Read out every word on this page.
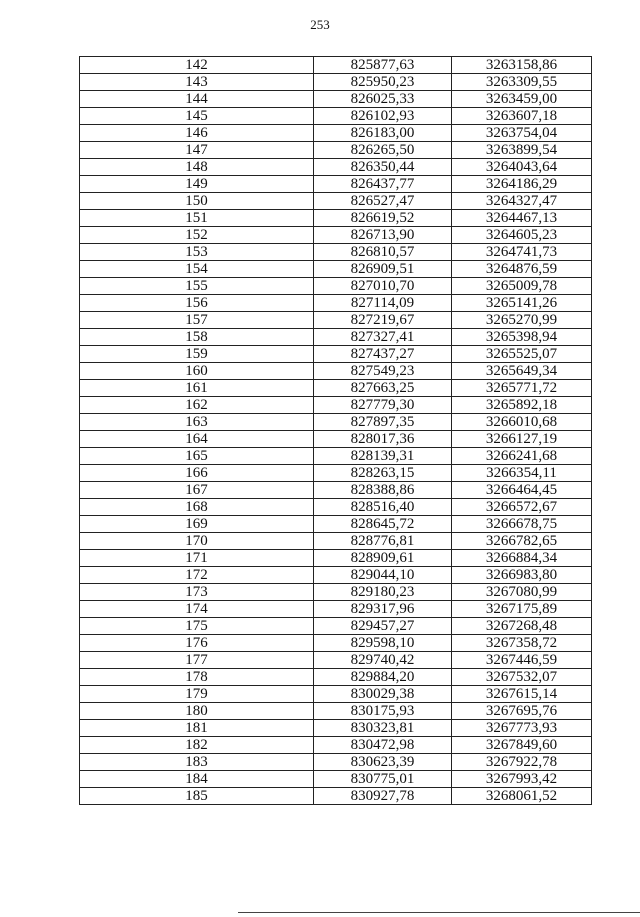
253
142	825877,63	3263158,86
143	825950,23	3263309,55
144	826025,33	3263459,00
145	826102,93	3263607,18
146	826183,00	3263754,04
147	826265,50	3263899,54
148	826350,44	3264043,64
149	826437,77	3264186,29
150	826527,47	3264327,47
151	826619,52	3264467,13
152	826713,90	3264605,23
153	826810,57	3264741,73
154	826909,51	3264876,59
155	827010,70	3265009,78
156	827114,09	3265141,26
157	827219,67	3265270,99
158	827327,41	3265398,94
159	827437,27	3265525,07
160	827549,23	3265649,34
161	827663,25	3265771,72
162	827779,30	3265892,18
163	827897,35	3266010,68
164	828017,36	3266127,19
165	828139,31	3266241,68
166	828263,15	3266354,11
167	828388,86	3266464,45
168	828516,40	3266572,67
169	828645,72	3266678,75
170	828776,81	3266782,65
171	828909,61	3266884,34
172	829044,10	3266983,80
173	829180,23	3267080,99
174	829317,96	3267175,89
175	829457,27	3267268,48
176	829598,10	3267358,72
177	829740,42	3267446,59
178	829884,20	3267532,07
179	830029,38	3267615,14
180	830175,93	3267695,76
181	830323,81	3267773,93
182	830472,98	3267849,60
183	830623,39	3267922,78
184	830775,01	3267993,42
185	830927,78	3268061,52
